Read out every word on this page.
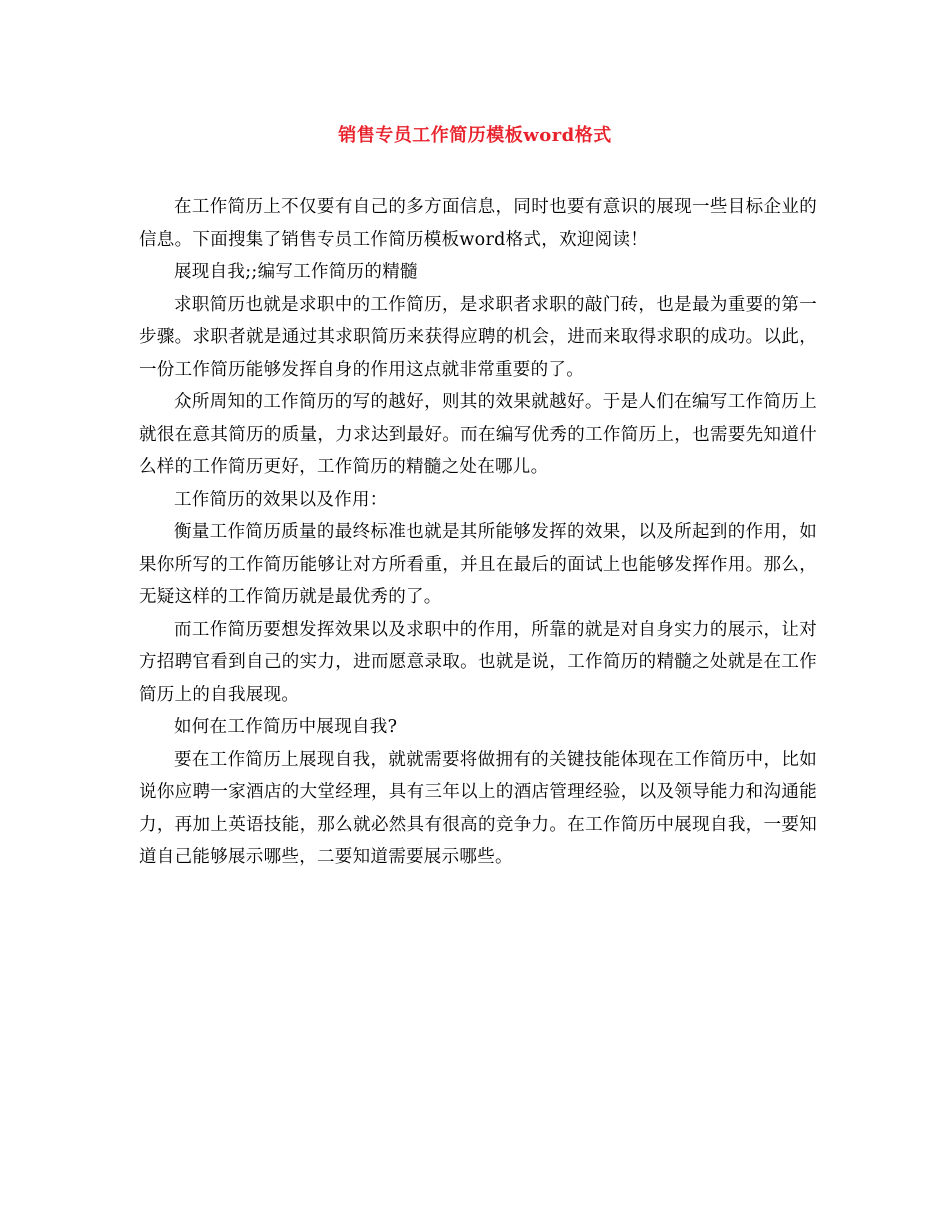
销售专员工作简历模板word格式

在工作简历上不仅要有自己的多方面信息，同时也要有意识的展现一些目标企业的信息。下面搜集了销售专员工作简历模板word格式，欢迎阅读！

展现自我;;编写工作简历的精髓

求职简历也就是求职中的工作简历，是求职者求职的敲门砖，也是最为重要的第一步骤。求职者就是通过其求职简历来获得应聘的机会，进而来取得求职的成功。以此，一份工作简历能够发挥自身的作用这点就非常重要的了。

众所周知的工作简历的写的越好，则其的效果就越好。于是人们在编写工作简历上就很在意其简历的质量，力求达到最好。而在编写优秀的工作简历上，也需要先知道什么样的工作简历更好，工作简历的精髓之处在哪儿。

工作简历的效果以及作用：

衡量工作简历质量的最终标准也就是其所能够发挥的效果，以及所起到的作用，如果你所写的工作简历能够让对方所看重，并且在最后的面试上也能够发挥作用。那么，无疑这样的工作简历就是最优秀的了。

而工作简历要想发挥效果以及求职中的作用，所靠的就是对自身实力的展示，让对方招聘官看到自己的实力，进而愿意录取。也就是说，工作简历的精髓之处就是在工作简历上的自我展现。

如何在工作简历中展现自我?

要在工作简历上展现自我，就就需要将做拥有的关键技能体现在工作简历中，比如说你应聘一家酒店的大堂经理，具有三年以上的酒店管理经验，以及领导能力和沟通能力，再加上英语技能，那么就必然具有很高的竞争力。在工作简历中展现自我，一要知道自己能够展示哪些，二要知道需要展示哪些。
